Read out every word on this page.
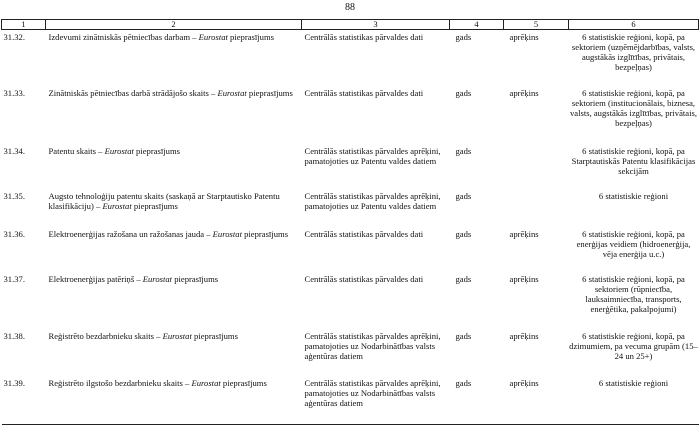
88
1	2	3	4	5	6
31.32.	Izdevumi zinātniskās pētniecības darbam – Eurostat pieprasījums	Centrālās statistikas pārvaldes dati	gads	aprēķins	6 statistiskie reģioni, kopā, pa sektoriem (uzņēmējdarbības, valsts, augstākās izglītības, privātais, bezpeļņas)
31.33.	Zinātniskās pētniecības darbā strādājošo skaits – Eurostat pieprasījums	Centrālās statistikas pārvaldes dati	gads	aprēķins	6 statistiskie reģioni, kopā, pa sektoriem (institucionālais, biznesa, valsts, augstākās izglītības, privātais, bezpeļņas)
31.34.	Patentu skaits – Eurostat pieprasījums	Centrālās statistikas pārvaldes aprēķini, pamatojoties uz Patentu valdes datiem	gads		6 statistiskie reģioni, kopā, pa Starptautiskās Patentu klasifikācijas sekcijām
31.35.	Augsto tehnoloģiju patentu skaits (saskaņā ar Starptautisko Patentu klasifikāciju) – Eurostat pieprasījums	Centrālās statistikas pārvaldes aprēķini, pamatojoties uz Patentu valdes datiem	gads		6 statistiskie reģioni
31.36.	Elektroenerģijas ražošana un ražošanas jauda – Eurostat pieprasījums	Centrālās statistikas pārvaldes dati	gads	aprēķins	6 statistiskie reģioni, kopā, pa enerģijas veidiem (hidroenerģija, vēja enerģija u.c.)
31.37.	Elektroenerģijas patēriņš – Eurostat pieprasījums	Centrālās statistikas pārvaldes dati	gads	aprēķins	6 statistiskie reģioni, kopā, pa sektoriem (rūpniecība, lauksaimniecība, transports, enerģētika, pakalpojumi)
31.38.	Reģistrēto bezdarbnieku skaits – Eurostat pieprasījums	Centrālās statistikas pārvaldes aprēķini, pamatojoties uz Nodarbinātības valsts aģentūras datiem	gads	aprēķins	6 statistiskie reģioni, kopā, pa dzimumiem, pa vecuma grupām (15–24 un 25+)
31.39.	Reģistrēto ilgstošo bezdarbnieku skaits – Eurostat pieprasījums	Centrālās statistikas pārvaldes aprēķini, pamatojoties uz Nodarbinātības valsts aģentūras datiem	gads	aprēķins	6 statistiskie reģioni
